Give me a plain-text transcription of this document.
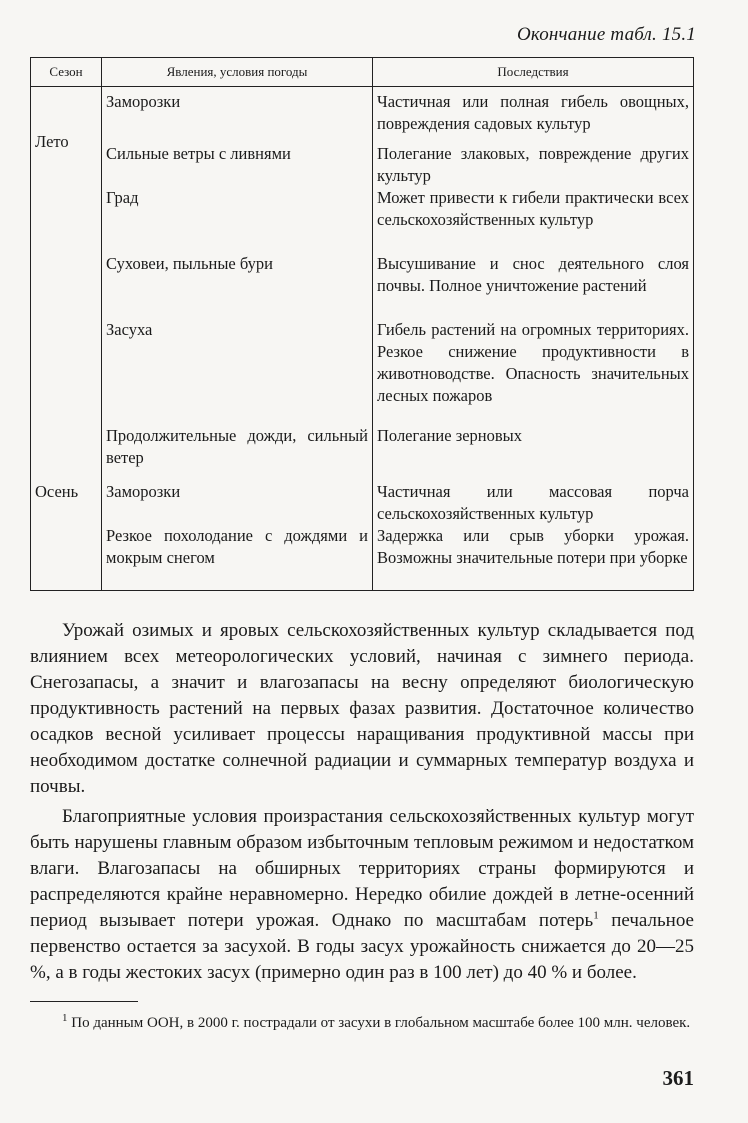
Окончание табл. 15.1
Сезон	Явления, условия погоды	Последствия
	Заморозки	Частичная или полная гибель овощных, повреждения садовых культур
Лето	Сильные ветры с ливнями	Полегание злаковых, повреждение других культур
	Град	Может привести к гибели практически всех сельскохозяйственных культур
	Суховеи, пыльные бури	Высушивание и снос деятельного слоя почвы. Полное уничтожение растений
	Засуха	Гибель растений на огромных территориях. Резкое снижение продуктивности в животноводстве. Опасность значительных лесных пожаров
	Продолжительные дожди, сильный ветер	Полегание зерновых
Осень	Заморозки	Частичная или массовая порча сельскохозяйственных культур
	Резкое похолодание с дождями и мокрым снегом	Задержка или срыв уборки урожая. Возможны значительные потери при уборке

Урожай озимых и яровых сельскохозяйственных культур складывается под влиянием всех метеорологических условий, начиная с зимнего периода. Снегозапасы, а значит и влагозапасы на весну определяют биологическую продуктивность растений на первых фазах развития. Достаточное количество осадков весной усиливает процессы наращивания продуктивной массы при необходимом достатке солнечной радиации и суммарных температур воздуха и почвы.

Благоприятные условия произрастания сельскохозяйственных культур могут быть нарушены главным образом избыточным тепловым режимом и недостатком влаги. Влагозапасы на обширных территориях страны формируются и распределяются крайне неравномерно. Нередко обилие дождей в летне-осенний период вызывает потери урожая. Однако по масштабам потерь$^1$ печальное первенство остается за засухой. В годы засух урожайность снижается до 20—25 %, а в годы жестоких засух (примерно один раз в 100 лет) до 40 % и более.

$^1$ По данным ООН, в 2000 г. пострадали от засухи в глобальном масштабе более 100 млн. человек.
361
